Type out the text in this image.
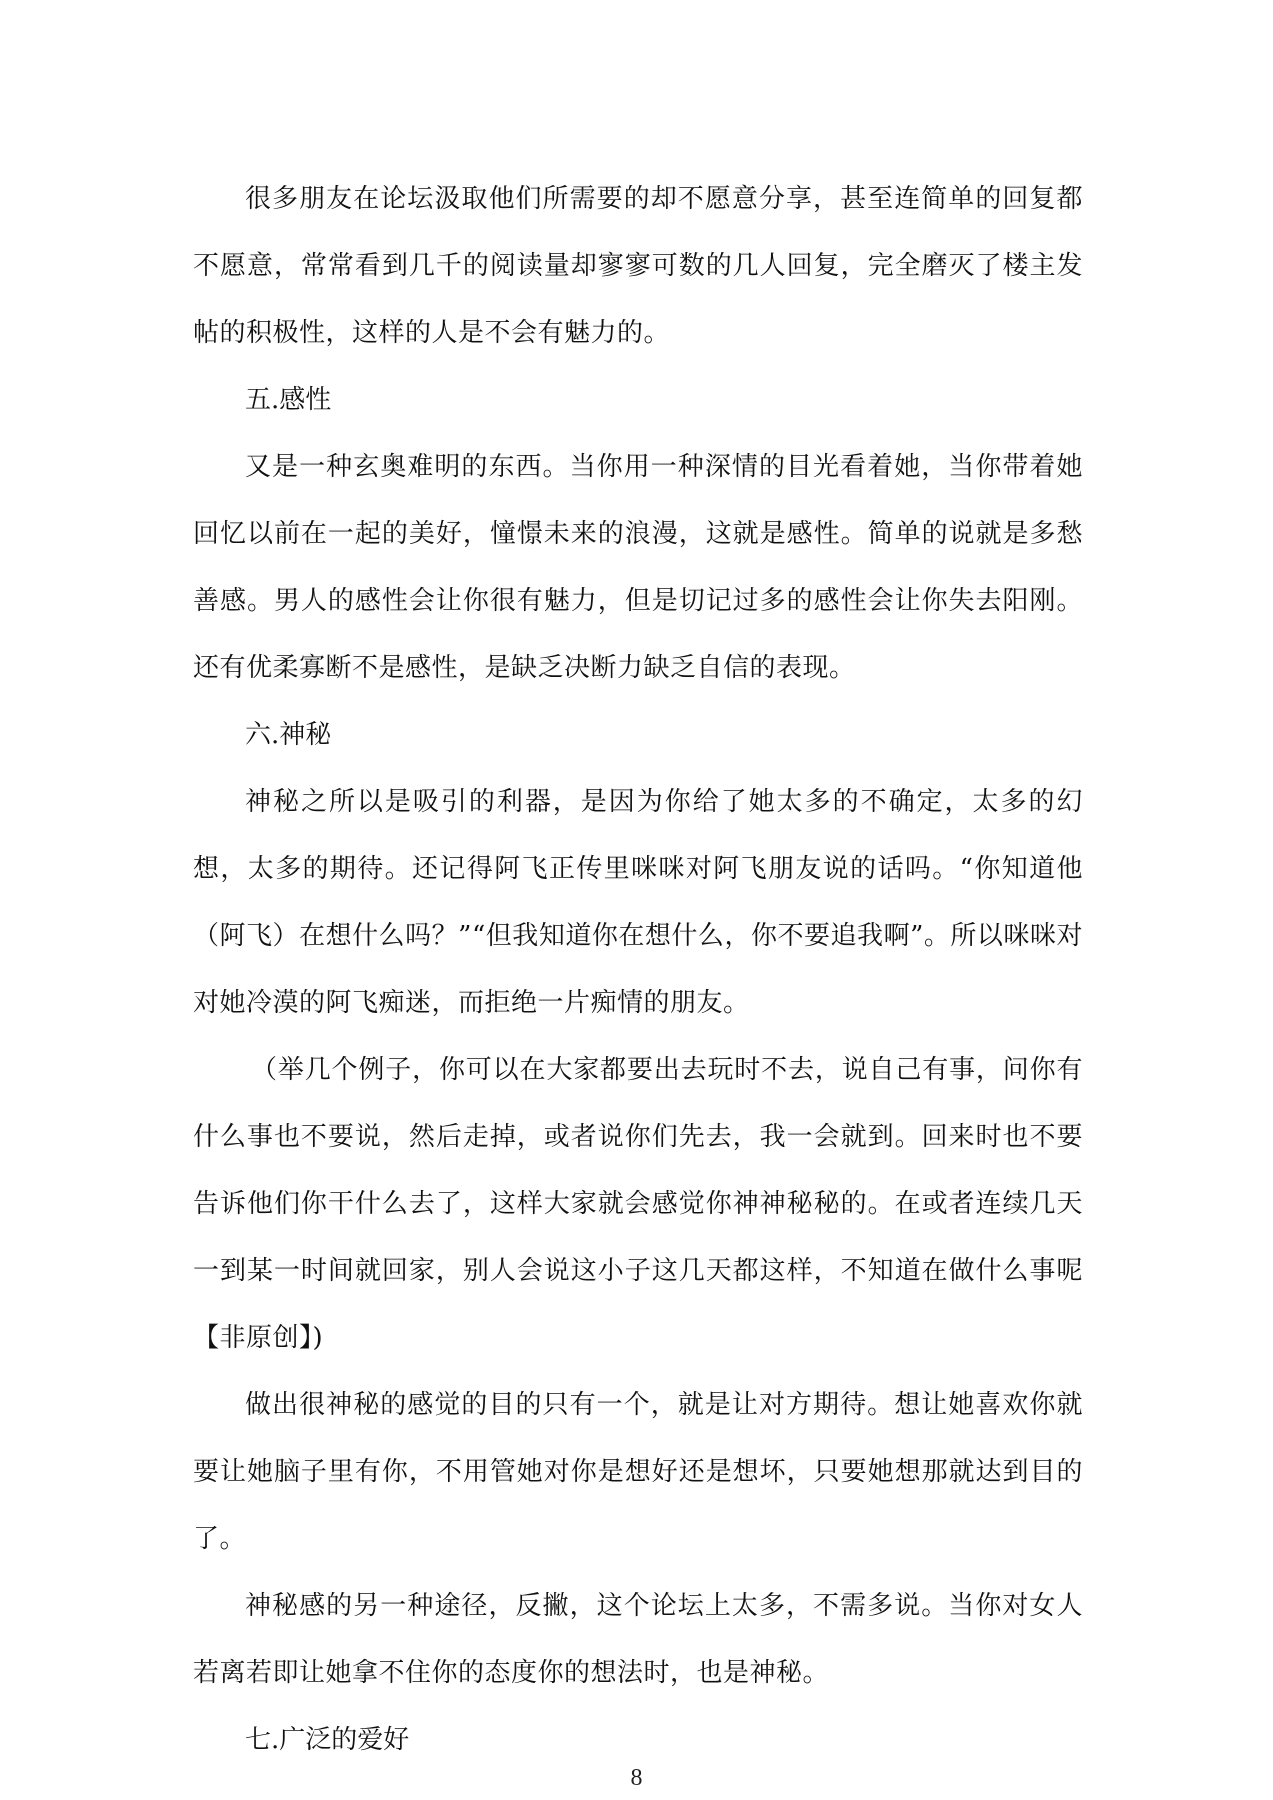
很多朋友在论坛汲取他们所需要的却不愿意分享，甚至连简单的回复都不愿意，常常看到几千的阅读量却寥寥可数的几人回复，完全磨灭了楼主发帖的积极性，这样的人是不会有魅力的。

五.感性

又是一种玄奥难明的东西。当你用一种深情的目光看着她，当你带着她回忆以前在一起的美好，憧憬未来的浪漫，这就是感性。简单的说就是多愁善感。男人的感性会让你很有魅力，但是切记过多的感性会让你失去阳刚。还有优柔寡断不是感性，是缺乏决断力缺乏自信的表现。

六.神秘

神秘之所以是吸引的利器，是因为你给了她太多的不确定，太多的幻想，太多的期待。还记得阿飞正传里咪咪对阿飞朋友说的话吗。“你知道他（阿飞）在想什么吗？”“但我知道你在想什么，你不要追我啊”。所以咪咪对对她冷漠的阿飞痴迷，而拒绝一片痴情的朋友。

（举几个例子，你可以在大家都要出去玩时不去，说自己有事，问你有什么事也不要说，然后走掉，或者说你们先去，我一会就到。回来时也不要告诉他们你干什么去了，这样大家就会感觉你神神秘秘的。在或者连续几天一到某一时间就回家，别人会说这小子这几天都这样，不知道在做什么事呢【非原创】)

做出很神秘的感觉的目的只有一个，就是让对方期待。想让她喜欢你就要让她脑子里有你，不用管她对你是想好还是想坏，只要她想那就达到目的了。

神秘感的另一种途径，反撇，这个论坛上太多，不需多说。当你对女人若离若即让她拿不住你的态度你的想法时，也是神秘。

七.广泛的爱好

8
